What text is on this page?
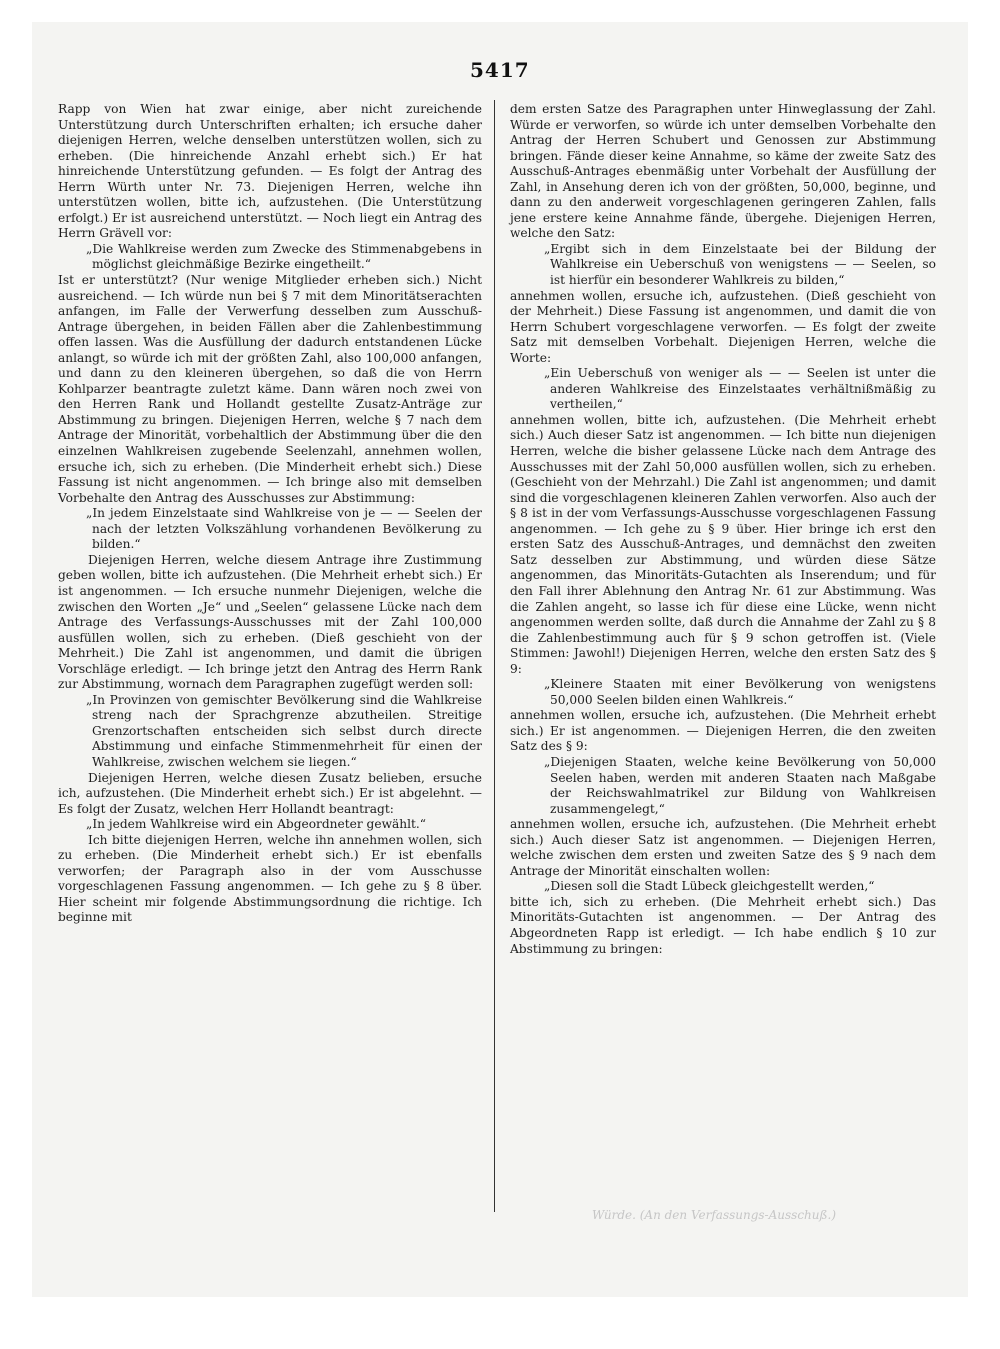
5417

Rapp von Wien hat zwar einige, aber nicht zureichende Unterstützung durch Unterschriften erhalten; ich ersuche daher diejenigen Herren, welche denselben unterstützen wollen, sich zu erheben. (Die hinreichende Anzahl erhebt sich.) Er hat hinreichende Unterstützung gefunden. — Es folgt der Antrag des Herrn Würth unter Nr. 73. Diejenigen Herren, welche ihn unterstützen wollen, bitte ich, aufzustehen. (Die Unterstützung erfolgt.) Er ist ausreichend unterstützt. — Noch liegt ein Antrag des Herrn Grävell vor:

„Die Wahlkreise werden zum Zwecke des Stimmenabgebens in möglichst gleichmäßige Bezirke eingetheilt.“

Ist er unterstützt? (Nur wenige Mitglieder erheben sich.) Nicht ausreichend. — Ich würde nun bei § 7 mit dem Minoritätserachten anfangen, im Falle der Verwerfung desselben zum Ausschuß-Antrage übergehen, in beiden Fällen aber die Zahlenbestimmung offen lassen. Was die Ausfüllung der dadurch entstandenen Lücke anlangt, so würde ich mit der größten Zahl, also 100,000 anfangen, und dann zu den kleineren übergehen, so daß die von Herrn Kohlparzer beantragte zuletzt käme. Dann wären noch zwei von den Herren Rank und Hollandt gestellte Zusatz-Anträge zur Abstimmung zu bringen. Diejenigen Herren, welche § 7 nach dem Antrage der Minorität, vorbehaltlich der Abstimmung über die den einzelnen Wahlkreisen zugebende Seelenzahl, annehmen wollen, ersuche ich, sich zu erheben. (Die Minderheit erhebt sich.) Diese Fassung ist nicht angenommen. — Ich bringe also mit demselben Vorbehalte den Antrag des Ausschusses zur Abstimmung:

„In jedem Einzelstaate sind Wahlkreise von je — — Seelen der nach der letzten Volkszählung vorhandenen Bevölkerung zu bilden.“

Diejenigen Herren, welche diesem Antrage ihre Zustimmung geben wollen, bitte ich aufzustehen. (Die Mehrheit erhebt sich.) Er ist angenommen. — Ich ersuche nunmehr Diejenigen, welche die zwischen den Worten „Je“ und „Seelen“ gelassene Lücke nach dem Antrage des Verfassungs-Ausschusses mit der Zahl 100,000 ausfüllen wollen, sich zu erheben. (Dieß geschieht von der Mehrheit.) Die Zahl ist angenommen, und damit die übrigen Vorschläge erledigt. — Ich bringe jetzt den Antrag des Herrn Rank zur Abstimmung, wornach dem Paragraphen zugefügt werden soll:

„In Provinzen von gemischter Bevölkerung sind die Wahlkreise streng nach der Sprachgrenze abzutheilen. Streitige Grenzortschaften entscheiden sich selbst durch directe Abstimmung und einfache Stimmenmehrheit für einen der Wahlkreise, zwischen welchem sie liegen.“

Diejenigen Herren, welche diesen Zusatz belieben, ersuche ich, aufzustehen. (Die Minderheit erhebt sich.) Er ist abgelehnt. — Es folgt der Zusatz, welchen Herr Hollandt beantragt:

„In jedem Wahlkreise wird ein Abgeordneter gewählt.“

Ich bitte diejenigen Herren, welche ihn annehmen wollen, sich zu erheben. (Die Minderheit erhebt sich.) Er ist ebenfalls verworfen; der Paragraph also in der vom Ausschusse vorgeschlagenen Fassung angenommen. — Ich gehe zu § 8 über. Hier scheint mir folgende Abstimmungsordnung die richtige. Ich beginne mit

dem ersten Satze des Paragraphen unter Hinweglassung der Zahl. Würde er verworfen, so würde ich unter demselben Vorbehalte den Antrag der Herren Schubert und Genossen zur Abstimmung bringen. Fände dieser keine Annahme, so käme der zweite Satz des Ausschuß-Antrages ebenmäßig unter Vorbehalt der Ausfüllung der Zahl, in Ansehung deren ich von der größten, 50,000, beginne, und dann zu den anderweit vorgeschlagenen geringeren Zahlen, falls jene erstere keine Annahme fände, übergehe. Diejenigen Herren, welche den Satz:

„Ergibt sich in dem Einzelstaate bei der Bildung der Wahlkreise ein Ueberschuß von wenigstens — — Seelen, so ist hierfür ein besonderer Wahlkreis zu bilden,“

annehmen wollen, ersuche ich, aufzustehen. (Dieß geschieht von der Mehrheit.) Diese Fassung ist angenommen, und damit die von Herrn Schubert vorgeschlagene verworfen. — Es folgt der zweite Satz mit demselben Vorbehalt. Diejenigen Herren, welche die Worte:

„Ein Ueberschuß von weniger als — — Seelen ist unter die anderen Wahlkreise des Einzelstaates verhältnißmäßig zu vertheilen,“

annehmen wollen, bitte ich, aufzustehen. (Die Mehrheit erhebt sich.) Auch dieser Satz ist angenommen. — Ich bitte nun diejenigen Herren, welche die bisher gelassene Lücke nach dem Antrage des Ausschusses mit der Zahl 50,000 ausfüllen wollen, sich zu erheben. (Geschieht von der Mehrzahl.) Die Zahl ist angenommen; und damit sind die vorgeschlagenen kleineren Zahlen verworfen. Also auch der § 8 ist in der vom Verfassungs-Ausschusse vorgeschlagenen Fassung angenommen. — Ich gehe zu § 9 über. Hier bringe ich erst den ersten Satz des Ausschuß-Antrages, und demnächst den zweiten Satz desselben zur Abstimmung, und würden diese Sätze angenommen, das Minoritäts-Gutachten als Inserendum; und für den Fall ihrer Ablehnung den Antrag Nr. 61 zur Abstimmung. Was die Zahlen angeht, so lasse ich für diese eine Lücke, wenn nicht angenommen werden sollte, daß durch die Annahme der Zahl zu § 8 die Zahlenbestimmung auch für § 9 schon getroffen ist. (Viele Stimmen: Jawohl!) Diejenigen Herren, welche den ersten Satz des § 9:

„Kleinere Staaten mit einer Bevölkerung von wenigstens 50,000 Seelen bilden einen Wahlkreis.“

annehmen wollen, ersuche ich, aufzustehen. (Die Mehrheit erhebt sich.) Er ist angenommen. — Diejenigen Herren, die den zweiten Satz des § 9:

„Diejenigen Staaten, welche keine Bevölkerung von 50,000 Seelen haben, werden mit anderen Staaten nach Maßgabe der Reichswahlmatrikel zur Bildung von Wahlkreisen zusammengelegt,“

annehmen wollen, ersuche ich, aufzustehen. (Die Mehrheit erhebt sich.) Auch dieser Satz ist angenommen. — Diejenigen Herren, welche zwischen dem ersten und zweiten Satze des § 9 nach dem Antrage der Minorität einschalten wollen:

„Diesen soll die Stadt Lübeck gleichgestellt werden,“

bitte ich, sich zu erheben. (Die Mehrheit erhebt sich.) Das Minoritäts-Gutachten ist angenommen. — Der Antrag des Abgeordneten Rapp ist erledigt. — Ich habe endlich § 10 zur Abstimmung zu bringen:

Würde. (An den Verfassungs-Ausschuß.)
